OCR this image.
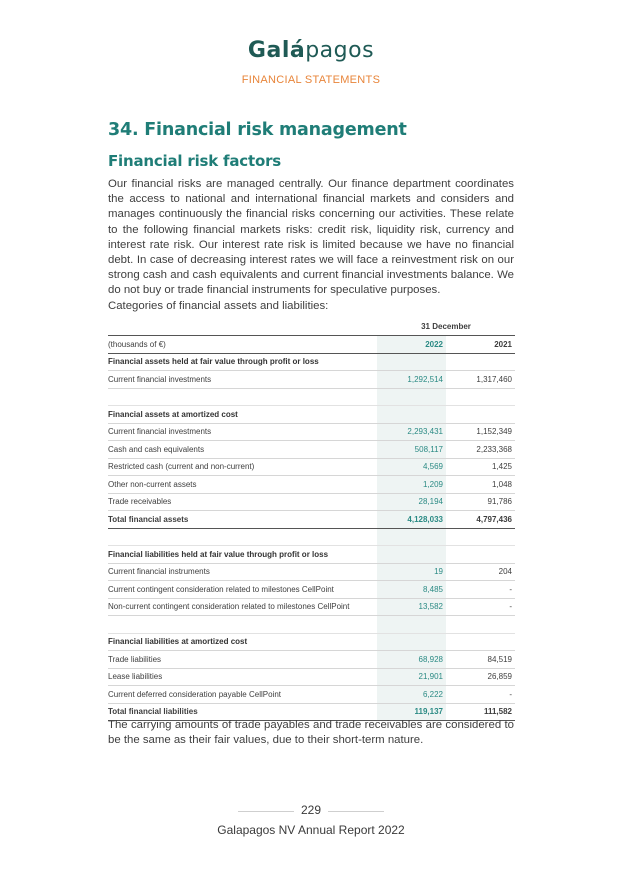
Galápagos
FINANCIAL STATEMENTS
34. Financial risk management
Financial risk factors

Our financial risks are managed centrally. Our finance department coordinates the access to national and international financial markets and considers and manages continuously the financial risks concerning our activities. These relate to the following financial markets risks: credit risk, liquidity risk, currency and interest rate risk. Our interest rate risk is limited because we have no financial debt. In case of decreasing interest rates we will face a reinvestment risk on our strong cash and cash equivalents and current financial investments balance. We do not buy or trade financial instruments for speculative purposes.

Categories of financial assets and liabilities:

	31 December	
(thousands of €)	2022	2021
Financial assets held at fair value through profit or loss		
Current financial investments	1,292,514	1,317,460

Financial assets at amortized cost		
Current financial investments	2,293,431	1,152,349
Cash and cash equivalents	508,117	2,233,368
Restricted cash (current and non-current)	4,569	1,425
Other non-current assets	1,209	1,048
Trade receivables	28,194	91,786
Total financial assets	4,128,033	4,797,436

Financial liabilities held at fair value through profit or loss		
Current financial instruments	19	204
Current contingent consideration related to milestones CellPoint	8,485	-
Non-current contingent consideration related to milestones CellPoint	13,582	-

Financial liabilities at amortized cost		
Trade liabilities	68,928	84,519
Lease liabilities	21,901	26,859
Current deferred consideration payable CellPoint	6,222	-
Total financial liabilities	119,137	111,582

The carrying amounts of trade payables and trade receivables are considered to be the same as their fair values, due to their short-term nature.

229
Galapagos NV Annual Report 2022
